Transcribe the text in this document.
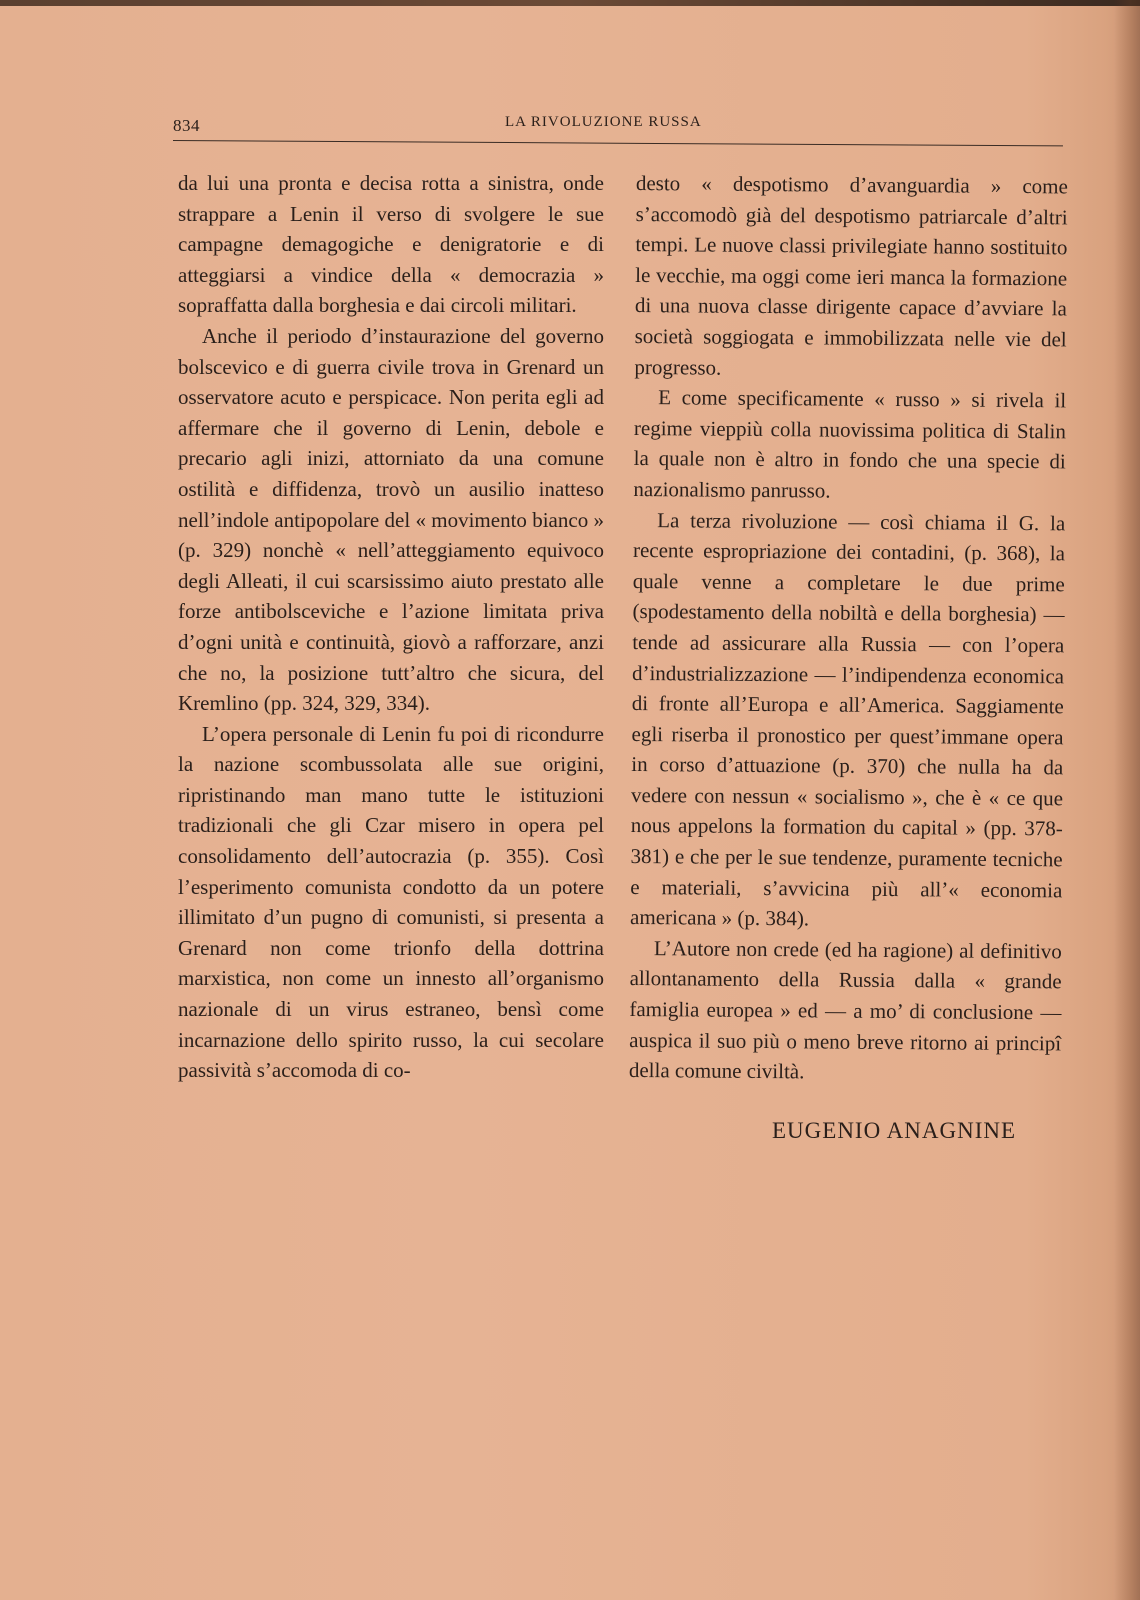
834	LA RIVOLUZIONE RUSSA

da lui una pronta e decisa rotta a sinistra, onde strappare a Lenin il verso di svolgere le sue campagne demagogiche e denigratorie e di atteggiarsi a vindice della « democrazia » sopraffatta dalla borghesia e dai circoli militari.

Anche il periodo d’instaurazione del governo bolscevico e di guerra civile trova in Grenard un osservatore acuto e perspicace. Non perita egli ad affermare che il governo di Lenin, debole e precario agli inizi, attorniato da una comune ostilità e diffidenza, trovò un ausilio inatteso nell’indole antipopolare del « movimento bianco » (p. 329) nonchè « nell’atteggiamento equivoco degli Alleati, il cui scarsissimo aiuto prestato alle forze antibolsceviche e l’azione limitata priva d’ogni unità e continuità, giovò a rafforzare, anzi che no, la posizione tutt’altro che sicura, del Kremlino (pp. 324, 329, 334).

L’opera personale di Lenin fu poi di ricondurre la nazione scombussolata alle sue origini, ripristinando man mano tutte le istituzioni tradizionali che gli Czar misero in opera pel consolidamento dell’autocrazia (p. 355). Così l’esperimento comunista condotto da un potere illimitato d’un pugno di comunisti, si presenta a Grenard non come trionfo della dottrina marxistica, non come un innesto all’organismo nazionale di un virus estraneo, bensì come incarnazione dello spirito russo, la cui secolare passività s’accomoda di co-

desto « despotismo d’avanguardia » come s’accomodò già del despotismo patriarcale d’altri tempi. Le nuove classi privilegiate hanno sostituito le vecchie, ma oggi come ieri manca la formazione di una nuova classe dirigente capace d’avviare la società soggiogata e immobilizzata nelle vie del progresso.

E come specificamente « russo » si rivela il regime vieppiù colla nuovissima politica di Stalin la quale non è altro in fondo che una specie di nazionalismo panrusso.

La terza rivoluzione — così chiama il G. la recente espropriazione dei contadini, (p. 368), la quale venne a completare le due prime (spodestamento della nobiltà e della borghesia) — tende ad assicurare alla Russia — con l’opera d’industrializzazione — l’indipendenza economica di fronte all’Europa e all’America. Saggiamente egli riserba il pronostico per quest’immane opera in corso d’attuazione (p. 370) che nulla ha da vedere con nessun « socialismo », che è « ce que nous appelons la formation du capital » (pp. 378-381) e che per le sue tendenze, puramente tecniche e materiali, s’avvicina più all’« economia americana » (p. 384).

L’Autore non crede (ed ha ragione) al definitivo allontanamento della Russia dalla « grande famiglia europea » ed — a mo’ di conclusione — auspica il suo più o meno breve ritorno ai principî della comune civiltà.

EUGENIO ANAGNINE
